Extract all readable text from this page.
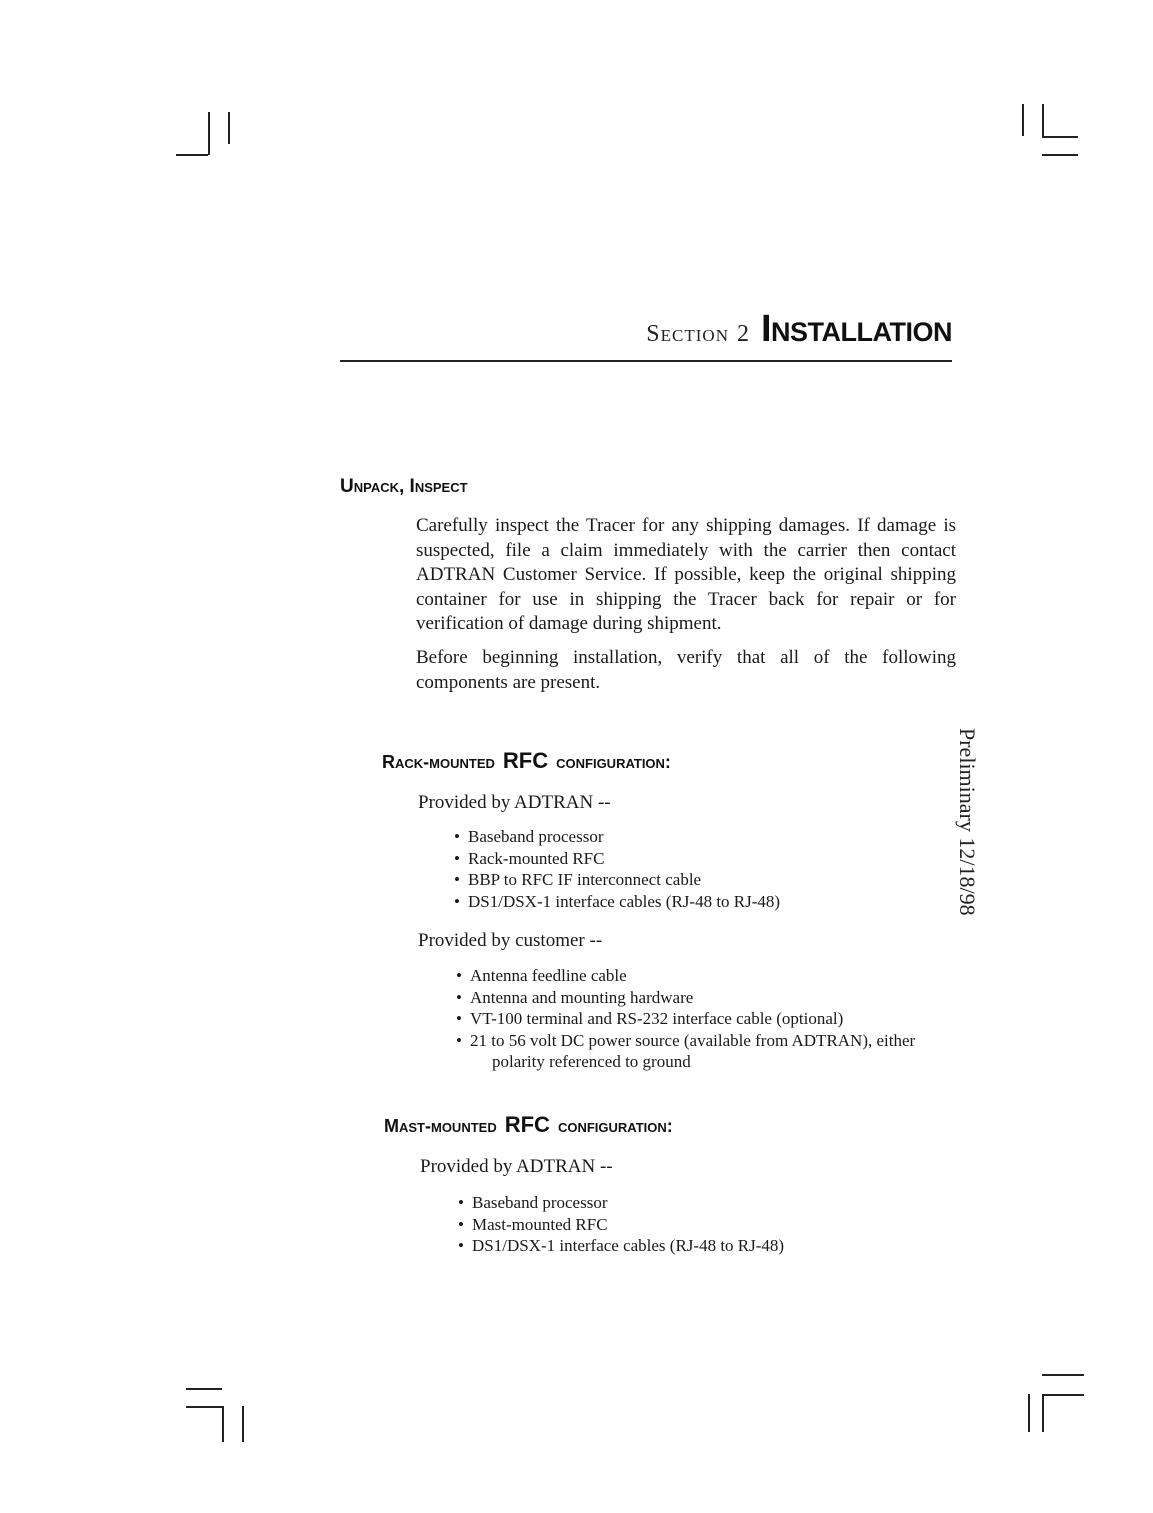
Section 2 Installation
Unpack, Inspect

Carefully inspect the Tracer for any shipping damages. If damage is suspected, file a claim immediately with the carrier then contact ADTRAN Customer Service. If possible, keep the original shipping container for use in shipping the Tracer back for repair or for verification of damage during shipment.

Before beginning installation, verify that all of the following components are present.

Rack-mounted RFC configuration:
Provided by ADTRAN --
• Baseband processor
• Rack-mounted RFC
• BBP to RFC IF interconnect cable
• DS1/DSX-1 interface cables (RJ-48 to RJ-48)
Provided by customer --
• Antenna feedline cable
• Antenna and mounting hardware
• VT-100 terminal and RS-232 interface cable (optional)
• 21 to 56 volt DC power source (available from ADTRAN), either
polarity referenced to ground
Mast-mounted RFC configuration:
Provided by ADTRAN --
• Baseband processor
• Mast-mounted RFC
• DS1/DSX-1 interface cables (RJ-48 to RJ-48)
Preliminary 12/18/98
